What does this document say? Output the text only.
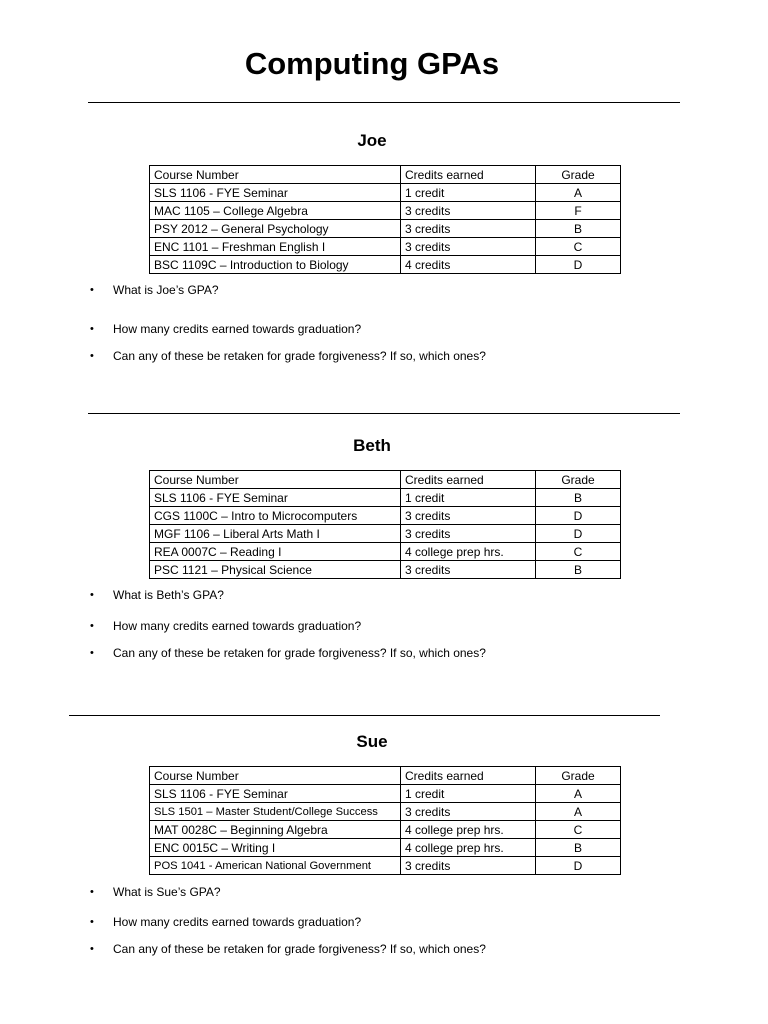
Computing GPAs
Joe
Course Number	Credits earned	Grade
SLS 1106 - FYE Seminar	1 credit	A
MAC 1105 – College Algebra	3 credits	F
PSY 2012 – General Psychology	3 credits	B
ENC 1101 – Freshman English I	3 credits	C
BSC 1109C – Introduction to Biology	4 credits	D
•	What is Joe’s GPA?
•	How many credits earned towards graduation?
•	Can any of these be retaken for grade forgiveness? If so, which ones?
Beth
Course Number	Credits earned	Grade
SLS 1106 - FYE Seminar	1 credit	B
CGS 1100C – Intro to Microcomputers	3 credits	D
MGF 1106 – Liberal Arts Math I	3 credits	D
REA 0007C – Reading I	4 college prep hrs.	C
PSC 1121 – Physical Science	3 credits	B
•	What is Beth’s GPA?
•	How many credits earned towards graduation?
•	Can any of these be retaken for grade forgiveness? If so, which ones?
Sue
Course Number	Credits earned	Grade
SLS 1106 - FYE Seminar	1 credit	A
SLS 1501 – Master Student/College Success	3 credits	A
MAT 0028C – Beginning Algebra	4 college prep hrs.	C
ENC 0015C – Writing I	4 college prep hrs.	B
POS 1041 - American National Government	3 credits	D
•	What is Sue’s GPA?
•	How many credits earned towards graduation?
•	Can any of these be retaken for grade forgiveness? If so, which ones?
